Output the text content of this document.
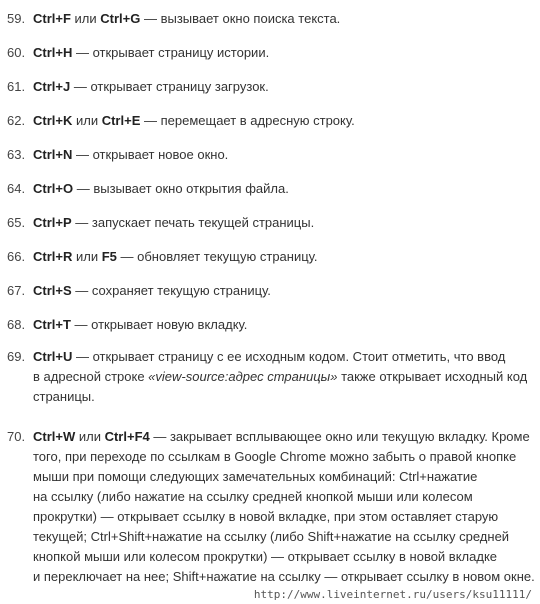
59. Ctrl+F или Ctrl+G — вызывает окно поиска текста.
60. Ctrl+H — открывает страницу истории.
61. Ctrl+J — открывает страницу загрузок.
62. Ctrl+K или Ctrl+E — перемещает в адресную строку.
63. Ctrl+N — открывает новое окно.
64. Ctrl+O — вызывает окно открытия файла.
65. Ctrl+P — запускает печать текущей страницы.
66. Ctrl+R или F5 — обновляет текущую страницу.
67. Ctrl+S — сохраняет текущую страницу.
68. Ctrl+T — открывает новую вкладку.
69. Ctrl+U — открывает страницу с ее исходным кодом. Стоит отметить, что ввод
в адресной строке «view-source:адрес страницы» также открывает исходный код
страницы.
70. Ctrl+W или Ctrl+F4 — закрывает всплывающее окно или текущую вкладку. Кроме
того, при переходе по ссылкам в Google Chrome можно забыть о правой кнопке
мыши при помощи следующих замечательных комбинаций: Ctrl+нажатие
на ссылку (либо нажатие на ссылку средней кнопкой мыши или колесом
прокрутки) — открывает ссылку в новой вкладке, при этом оставляет старую
текущей; Ctrl+Shift+нажатие на ссылку (либо Shift+нажатие на ссылку средней
кнопкой мыши или колесом прокрутки) — открывает ссылку в новой вкладке
и переключает на нее; Shift+нажатие на ссылку — открывает ссылку в новом окне.
http://www.liveinternet.ru/users/ksu11111/
